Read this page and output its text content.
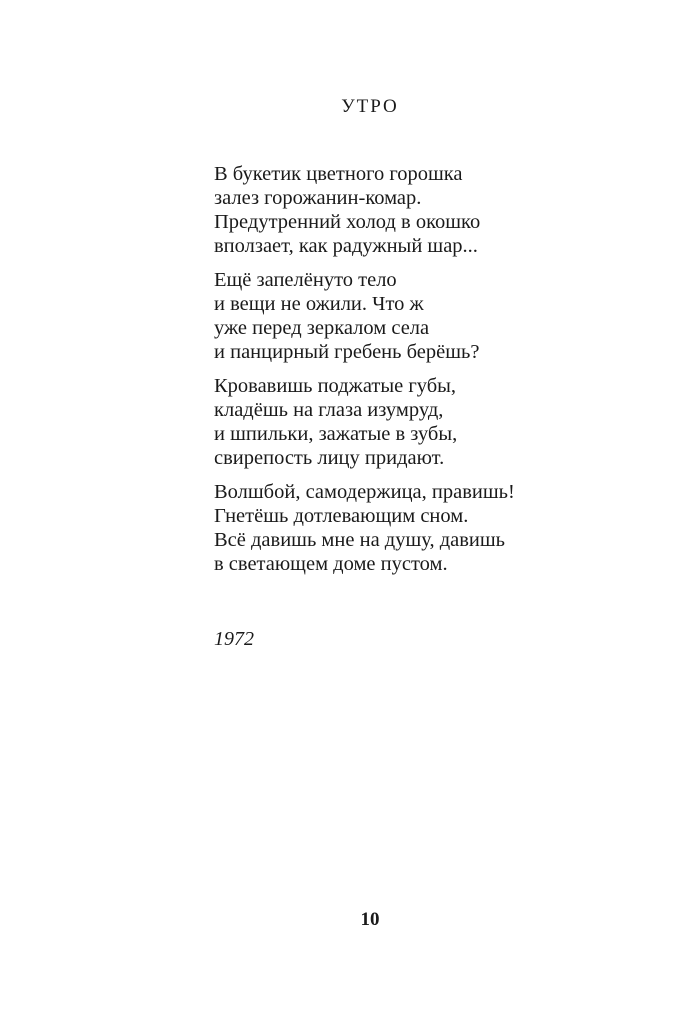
УТРО
В букетик цветного горошка
залез горожанин-комар.
Предутренний холод в окошко
вползает, как радужный шар...
Ещё запелёнуто тело
и вещи не ожили. Что ж
уже перед зеркалом села
и панцирный гребень берёшь?
Кровавишь поджатые губы,
кладёшь на глаза изумруд,
и шпильки, зажатые в зубы,
свирепость лицу придают.
Волшбой, самодержица, правишь!
Гнетёшь дотлевающим сном.
Всё давишь мне на душу, давишь
в светающем доме пустом.
1972
10
